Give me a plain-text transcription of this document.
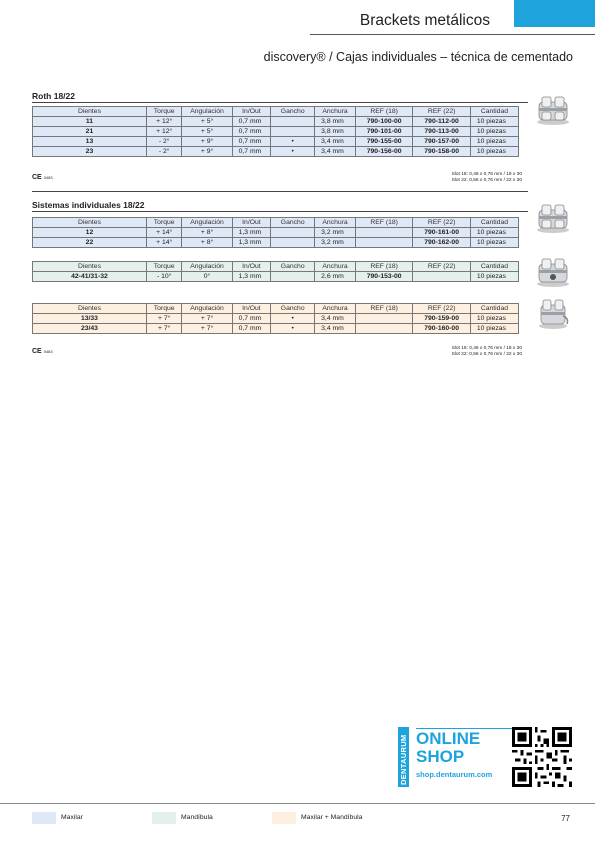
Brackets metálicos
discovery® / Cajas individuales – técnica de cementado
Roth 18/22
Dientes	Torque	Angulación	In/Out	Gancho	Anchura	REF (18)	REF (22)	Cantidad
11	+ 12°	+ 5°	0,7 mm		3,8 mm	790-100-00	790-112-00	10 piezas
21	+ 12°	+ 5°	0,7 mm		3,8 mm	790-101-00	790-113-00	10 piezas
13	- 2°	+ 9°	0,7 mm	•	3,4 mm	790-155-00	790-157-00	10 piezas
23	- 2°	+ 9°	0,7 mm	•	3,4 mm	790-156-00	790-158-00	10 piezas
CE 0483
Slot 18: 0,46 x 0,76 mm / 18 x 30
Slot 22: 0,56 x 0,76 mm / 22 x 30
Sistemas individuales 18/22
Dientes	Torque	Angulación	In/Out	Gancho	Anchura	REF (18)	REF (22)	Cantidad
12	+ 14°	+ 8°	1,3 mm		3,2 mm		790-161-00	10 piezas
22	+ 14°	+ 8°	1,3 mm		3,2 mm		790-162-00	10 piezas
Dientes	Torque	Angulación	In/Out	Gancho	Anchura	REF (18)	REF (22)	Cantidad
42-41/31-32	- 10°	0°	1,3 mm		2,6 mm	790-153-00		10 piezas
Dientes	Torque	Angulación	In/Out	Gancho	Anchura	REF (18)	REF (22)	Cantidad
13/33	+ 7°	+ 7°	0,7 mm	•	3,4 mm		790-159-00	10 piezas
23/43	+ 7°	+ 7°	0,7 mm	•	3,4 mm		790-160-00	10 piezas
CE 0483
Slot 18: 0,46 x 0,76 mm / 18 x 30
Slot 22: 0,56 x 0,76 mm / 22 x 30
DENTAURUM ONLINE
SHOP
shop.dentaurum.com
Maxilar	Mandíbula	Maxilar + Mandíbula	77
